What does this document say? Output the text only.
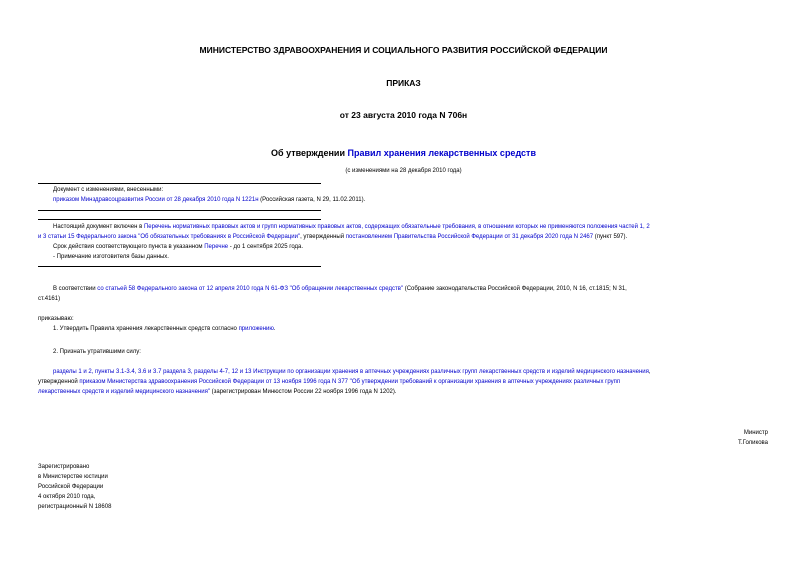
МИНИСТЕРСТВО ЗДРАВООХРАНЕНИЯ И СОЦИАЛЬНОГО РАЗВИТИЯ РОССИЙСКОЙ ФЕДЕРАЦИИ
ПРИКАЗ
от 23 августа 2010 года N 706н
Об утверждении Правил хранения лекарственных средств
(с изменениями на 28 декабря 2010 года)
Документ с изменениями, внесенными:
приказом Минздравсоцразвития России от 28 декабря 2010 года N 1221н (Российская газета, N 29, 11.02.2011).
Настоящий документ включен в Перечень нормативных правовых актов и групп нормативных правовых актов, содержащих обязательные требования, в отношении которых не применяются положения частей 1, 2
и 3 статьи 15 Федерального закона "Об обязательных требованиях в Российской Федерации", утвержденный постановлением Правительства Российской Федерации от 31 декабря 2020 года N 2467 (пункт 597).
Срок действия соответствующего пункта в указанном Перечне - до 1 сентября 2025 года.
- Примечание изготовителя базы данных.
В соответствии со статьей 58 Федерального закона от 12 апреля 2010 года N 61-ФЗ "Об обращении лекарственных средств" (Собрание законодательства Российской Федерации, 2010, N 16, ст.1815; N 31,
ст.4161)
приказываю:
1. Утвердить Правила хранения лекарственных средств согласно приложению.
2. Признать утратившими силу:
разделы 1 и 2, пункты 3.1-3.4, 3.6 и 3.7 раздела 3, разделы 4-7, 12 и 13 Инструкции по организации хранения в аптечных учреждениях различных групп лекарственных средств и изделий медицинского назначения,
утвержденной приказом Министерства здравоохранения Российской Федерации от 13 ноября 1996 года N 377 "Об утверждении требований к организации хранения в аптечных учреждениях различных групп
лекарственных средств и изделий медицинского назначения" (зарегистрирован Минюстом России 22 ноября 1996 года N 1202).
Министр
Т.Голикова
Зарегистрировано
в Министерстве юстиции
Российской Федерации
4 октября 2010 года,
регистрационный N 18608
